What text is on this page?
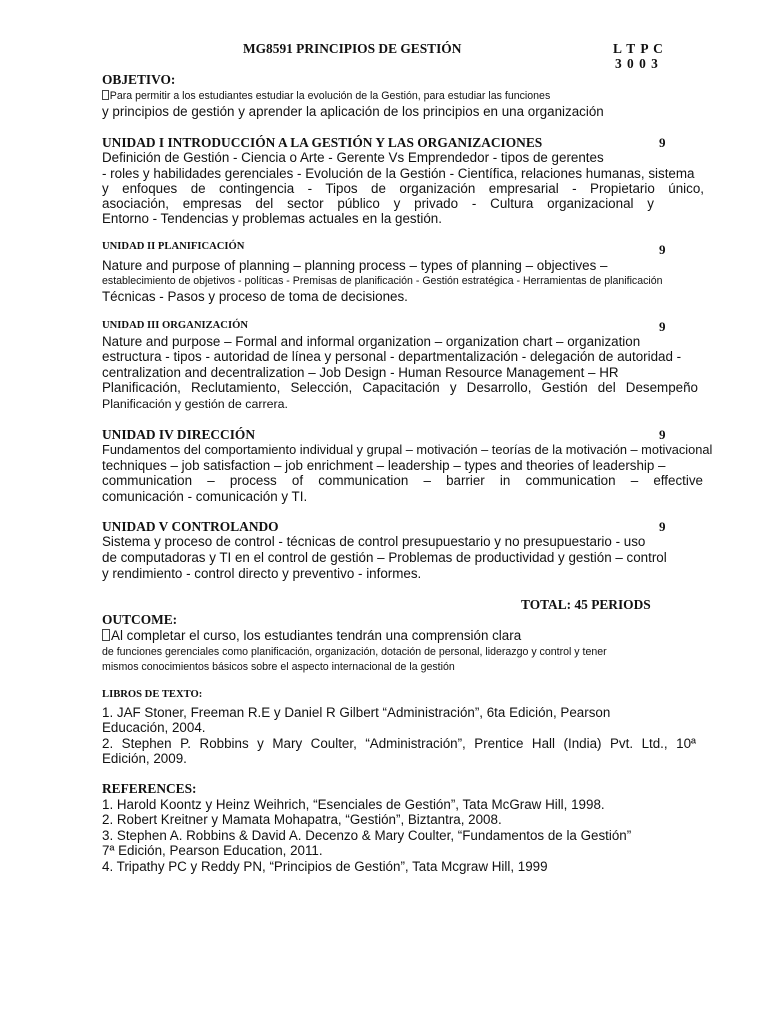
MG8591 PRINCIPIOS DE GESTIÓN	L T P C
3 0 0 3
OBJETIVO:
Para permitir a los estudiantes estudiar la evolución de la Gestión, para estudiar las funciones
y principios de gestión y aprender la aplicación de los principios en una organización
UNIDAD I INTRODUCCIÓN A LA GESTIÓN Y LAS ORGANIZACIONES	9
Definición de Gestión - Ciencia o Arte - Gerente Vs Emprendedor - tipos de gerentes
- roles y habilidades gerenciales - Evolución de la Gestión - Científica, relaciones humanas, sistema
y enfoques de contingencia - Tipos de organización empresarial - Propietario único,
asociación, empresas del sector público y privado - Cultura organizacional y
Entorno - Tendencias y problemas actuales en la gestión.
UNIDAD II PLANIFICACIÓN	9
Nature and purpose of planning – planning process – types of planning – objectives –
establecimiento de objetivos - políticas - Premisas de planificación - Gestión estratégica - Herramientas de planificación
Técnicas - Pasos y proceso de toma de decisiones.
UNIDAD III ORGANIZACIÓN	9
Nature and purpose – Formal and informal organization – organization chart – organization
estructura - tipos - autoridad de línea y personal - departmentalización - delegación de autoridad -
centralization and decentralization – Job Design - Human Resource Management – HR
Planificación, Reclutamiento, Selección, Capacitación y Desarrollo, Gestión del Desempeño
Planificación y gestión de carrera.
UNIDAD IV DIRECCIÓN	9
Fundamentos del comportamiento individual y grupal – motivación – teorías de la motivación – motivacional
techniques – job satisfaction – job enrichment – leadership – types and theories of leadership –
communication – process of communication – barrier in communication – effective
comunicación - comunicación y TI.
UNIDAD V CONTROLANDO	9
Sistema y proceso de control - técnicas de control presupuestario y no presupuestario - uso
de computadoras y TI en el control de gestión – Problemas de productividad y gestión – control
y rendimiento - control directo y preventivo - informes.
TOTAL: 45 PERIODS
OUTCOME:
Al completar el curso, los estudiantes tendrán una comprensión clara
de funciones gerenciales como planificación, organización, dotación de personal, liderazgo y control y tener
mismos conocimientos básicos sobre el aspecto internacional de la gestión
LIBROS DE TEXTO:
1. JAF Stoner, Freeman R.E y Daniel R Gilbert “Administración”, 6ta Edición, Pearson
Educación, 2004.
2. Stephen P. Robbins y Mary Coulter, “Administración”, Prentice Hall (India) Pvt. Ltd., 10ª
Edición, 2009.
REFERENCES:
1. Harold Koontz y Heinz Weihrich, “Esenciales de Gestión”, Tata McGraw Hill, 1998.
2. Robert Kreitner y Mamata Mohapatra, “Gestión”, Biztantra, 2008.
3. Stephen A. Robbins & David A. Decenzo & Mary Coulter, “Fundamentos de la Gestión”
7ª Edición, Pearson Education, 2011.
4. Tripathy PC y Reddy PN, “Principios de Gestión”, Tata Mcgraw Hill, 1999
